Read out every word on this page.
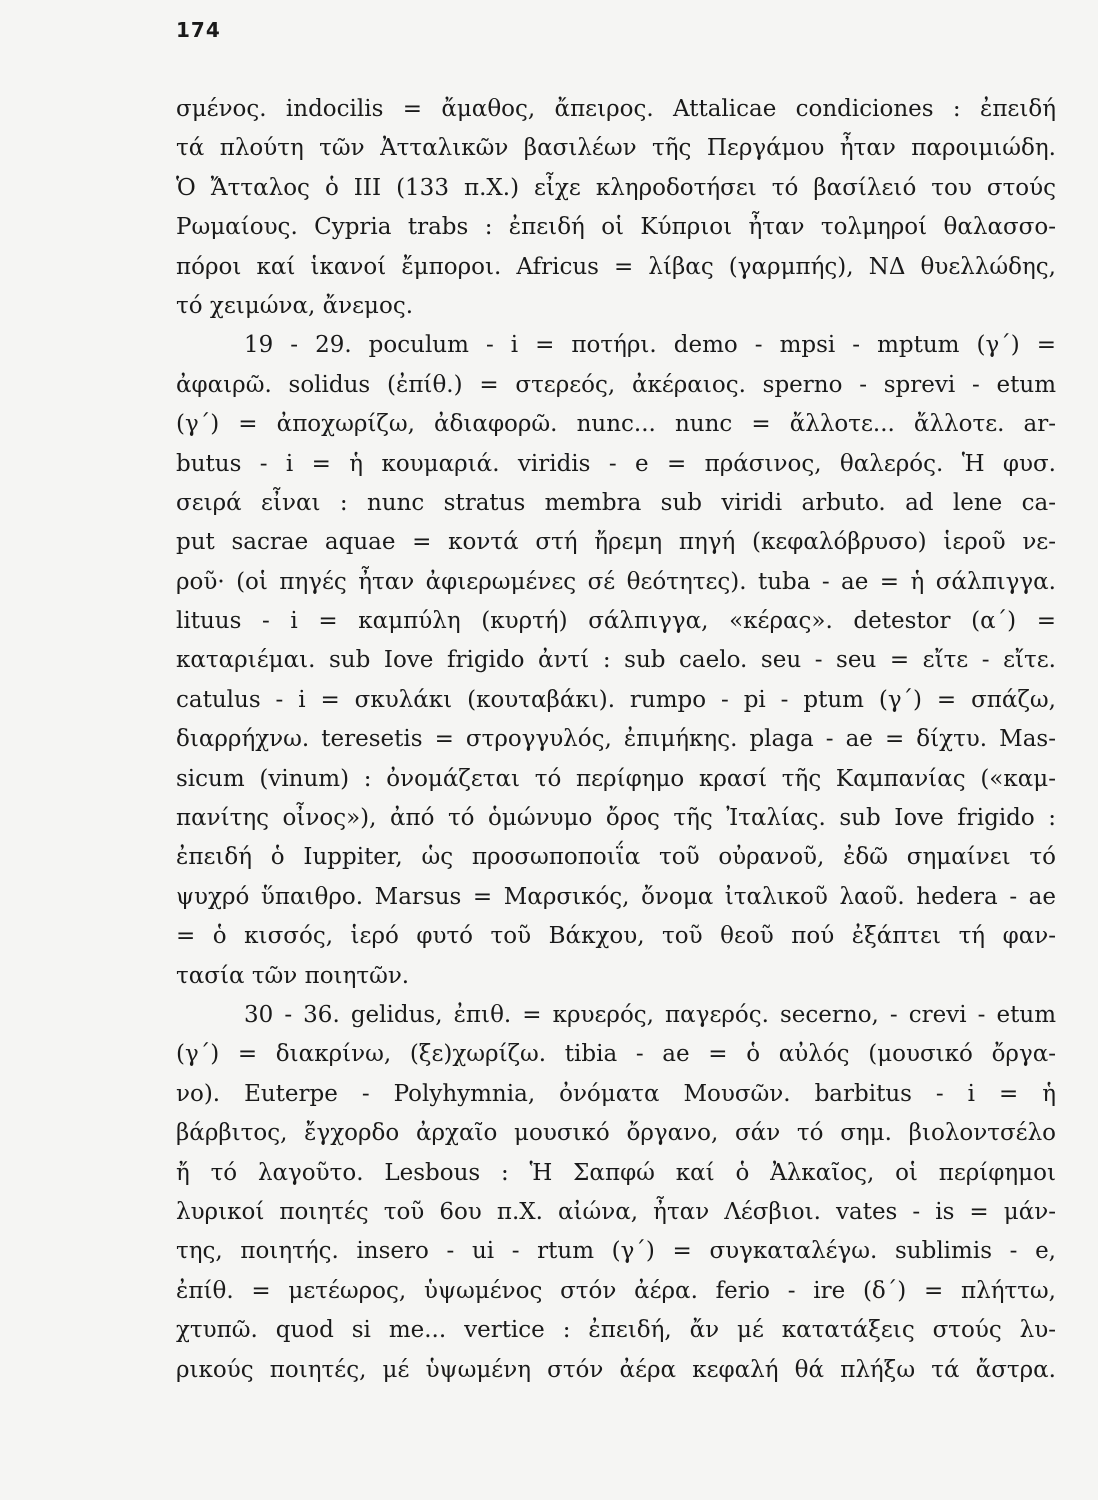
174
σμένος. indocilis = ἄμαθος, ἄπειρος. Attalicae condiciones : ἐπειδή
τά πλούτη τῶν Ἀτταλικῶν βασιλέων τῆς Περγάμου ἦταν παροιμιώδη.
Ὁ Ἄτταλος ὁ ΙΙΙ (133 π.Χ.) εἶχε κληροδοτήσει τό βασίλειό του στούς
Ρωμαίους. Cypria trabs : ἐπειδή οἱ Κύπριοι ἦταν τολμηροί θαλασσο-
πόροι καί ἱκανοί ἔμποροι. Africus = λίβας (γαρμπής), ΝΔ θυελλώδης,
τό χειμώνα, ἄνεμος.
19 - 29. poculum - i = ποτήρι. demo - mpsi - mptum (γ΄) =
ἀφαιρῶ. solidus (ἐπίθ.) = στερεός, ἀκέραιος. sperno - sprevi - etum
(γ΄) = ἀποχωρίζω, ἀδιαφορῶ. nunc... nunc = ἄλλοτε... ἄλλοτε. ar-
butus - i = ἡ κουμαριά. viridis - e = πράσινος, θαλερός. Ἡ φυσ.
σειρά εἶναι : nunc stratus membra sub viridi arbuto. ad lene ca-
put sacrae aquae = κοντά στή ἤρεμη πηγή (κεφαλόβρυσο) ἱεροῦ νε-
ροῦ· (οἱ πηγές ἦταν ἀφιερωμένες σέ θεότητες). tuba - ae = ἡ σάλπιγγα.
lituus - i = καμπύλη (κυρτή) σάλπιγγα, «κέρας». detestor (α΄) =
καταριέμαι. sub Iove frigido ἀντί : sub caelo. seu - seu = εἴτε - εἴτε.
catulus - i = σκυλάκι (κουταβάκι). rumpo - pi - ptum (γ΄) = σπάζω,
διαρρήχνω. teresetis = στρογγυλός, ἐπιμήκης. plaga - ae = δίχτυ. Mas-
sicum (vinum) : ὀνομάζεται τό περίφημο κρασί τῆς Καμπανίας («καμ-
πανίτης οἶνος»), ἀπό τό ὁμώνυμο ὄρος τῆς Ἰταλίας. sub Iove frigido :
ἐπειδή ὁ Iuppiter, ὡς προσωποποιΐα τοῦ οὐρανοῦ, ἐδῶ σημαίνει τό
ψυχρό ὕπαιθρο. Marsus = Μαρσικός, ὄνομα ἰταλικοῦ λαοῦ. hedera - ae
= ὁ κισσός, ἱερό φυτό τοῦ Βάκχου, τοῦ θεοῦ πού ἐξάπτει τή φαν-
τασία τῶν ποιητῶν.
30 - 36. gelidus, ἐπιθ. = κρυερός, παγερός. secerno, - crevi - etum
(γ΄) = διακρίνω, (ξε)χωρίζω. tibia - ae = ὁ αὐλός (μουσικό ὄργα-
νο). Euterpe - Polyhymnia, ὀνόματα Μουσῶν. barbitus - i = ἡ
βάρβιτος, ἔγχορδο ἀρχαῖο μουσικό ὄργανο, σάν τό σημ. βιολοντσέλο
ἤ τό λαγοῦτο. Lesbous : Ἡ Σαπφώ καί ὁ Ἀλκαῖος, οἱ περίφημοι
λυρικοί ποιητές τοῦ 6ου π.Χ. αἰώνα, ἦταν Λέσβιοι. vates - is = μάν-
της, ποιητής. insero - ui - rtum (γ΄) = συγκαταλέγω. sublimis - e,
ἐπίθ. = μετέωρος, ὑψωμένος στόν ἀέρα. ferio - ire (δ΄) = πλήττω,
χτυπῶ. quod si me... vertice : ἐπειδή, ἄν μέ κατατάξεις στούς λυ-
ρικούς ποιητές, μέ ὑψωμένη στόν ἀέρα κεφαλή θά πλήξω τά ἄστρα.
